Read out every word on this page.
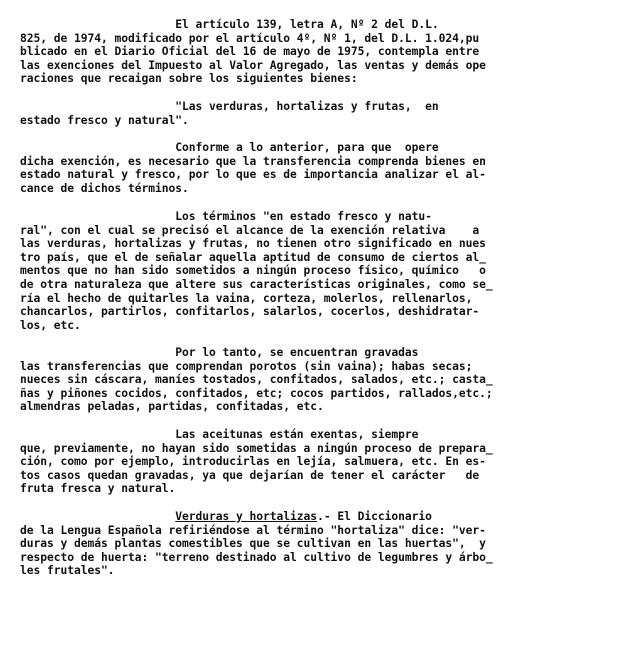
El artículo 139, letra A, Nº 2 del D.L.
825, de 1974, modificado por el artículo 4º, Nº 1, del D.L. 1.024,pu
blicado en el Diario Oficial del 16 de mayo de 1975, contempla entre
las exenciones del Impuesto al Valor Agregado, las ventas y demás ope
raciones que recaigan sobre los siguientes bienes:
"Las verduras, hortalizas y frutas,  en
estado fresco y natural".
Conforme a lo anterior, para que  opere
dicha exención, es necesario que la transferencia comprenda bienes en
estado natural y fresco, por lo que es de importancia analizar el al-
cance de dichos términos.
Los términos "en estado fresco y natu-
ral", con el cual se precisó el alcance de la exención relativa    a
las verduras, hortalizas y frutas, no tienen otro significado en nues
tro país, que el de señalar aquella aptitud de consumo de ciertos al̲
mentos que no han sido sometidos a ningún proceso físico, químico   o
de otra naturaleza que altere sus características originales, como se̲
ría el hecho de quitarles la vaina, corteza, molerlos, rellenarlos,
chancarlos, partirlos, confitarlos, salarlos, cocerlos, deshidratar-
los, etc.
Por lo tanto, se encuentran gravadas
las transferencias que comprendan porotos (sin vaina); habas secas;
nueces sin cáscara, maníes tostados, confitados, salados, etc.; casta̲
ñas y piñones cocidos, confitados, etc; cocos partidos, rallados,etc.;
almendras peladas, partidas, confitadas, etc.
Las aceitunas están exentas, siempre
que, previamente, no hayan sido sometidas a ningún proceso de prepara̲
ción, como por ejemplo, introducirlas en lejía, salmuera, etc. En es-
tos casos quedan gravadas, ya que dejarían de tener el carácter   de
fruta fresca y natural.
Verduras y hortalizas.- El Diccionario
de la Lengua Española refiriéndose al término "hortaliza" dice: "ver-
duras y demás plantas comestibles que se cultivan en las huertas",  y
respecto de huerta: "terreno destinado al cultivo de legumbres y árbo̲
les frutales".
